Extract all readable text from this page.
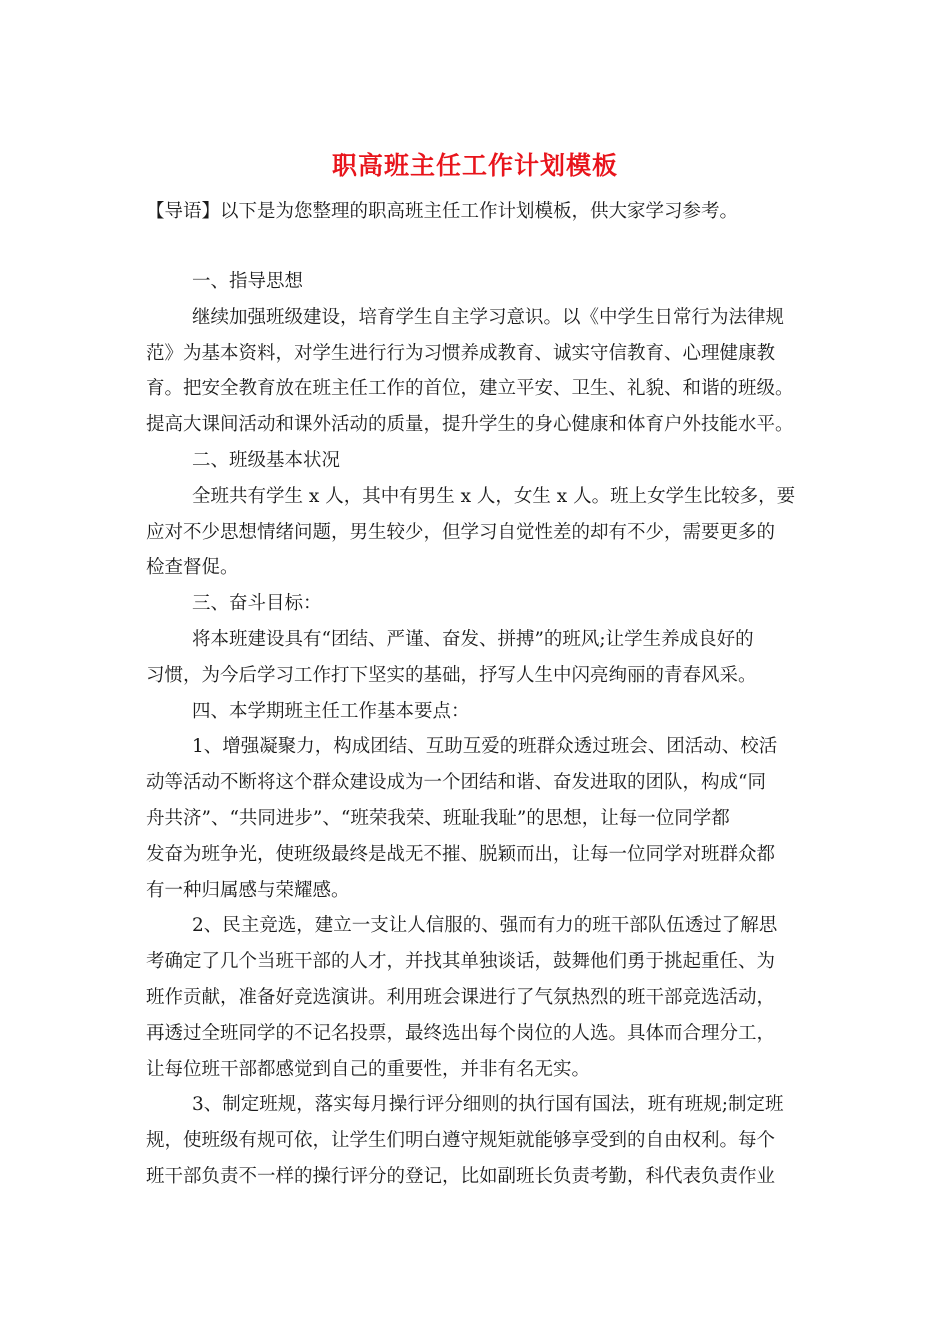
职高班主任工作计划模板
【导语】以下是为您整理的职高班主任工作计划模板，供大家学习参考。
一、指导思想
继续加强班级建设，培育学生自主学习意识。以《中学生日常行为法律规
范》为基本资料，对学生进行行为习惯养成教育、诚实守信教育、心理健康教
育。把安全教育放在班主任工作的首位，建立平安、卫生、礼貌、和谐的班级。
提高大课间活动和课外活动的质量，提升学生的身心健康和体育户外技能水平。
二、班级基本状况
全班共有学生 x 人，其中有男生 x 人，女生 x 人。班上女学生比较多，要
应对不少思想情绪问题，男生较少，但学习自觉性差的却有不少，需要更多的
检查督促。
三、奋斗目标：
将本班建设具有“团结、严谨、奋发、拼搏”的班风;让学生养成良好的
习惯，为今后学习工作打下坚实的基础，抒写人生中闪亮绚丽的青春风采。
四、本学期班主任工作基本要点：
1、增强凝聚力，构成团结、互助互爱的班群众透过班会、团活动、校活
动等活动不断将这个群众建设成为一个团结和谐、奋发进取的团队，构成“同
舟共济”、“共同进步”、“班荣我荣、班耻我耻”的思想，让每一位同学都
发奋为班争光，使班级最终是战无不摧、脱颖而出，让每一位同学对班群众都
有一种归属感与荣耀感。
2、民主竞选，建立一支让人信服的、强而有力的班干部队伍透过了解思
考确定了几个当班干部的人才，并找其单独谈话，鼓舞他们勇于挑起重任、为
班作贡献，准备好竞选演讲。利用班会课进行了气氛热烈的班干部竞选活动，
再透过全班同学的不记名投票，最终选出每个岗位的人选。具体而合理分工，
让每位班干部都感觉到自己的重要性，并非有名无实。
3、制定班规，落实每月操行评分细则的执行国有国法，班有班规;制定班
规，使班级有规可依，让学生们明白遵守规矩就能够享受到的自由权利。每个
班干部负责不一样的操行评分的登记，比如副班长负责考勤，科代表负责作业
